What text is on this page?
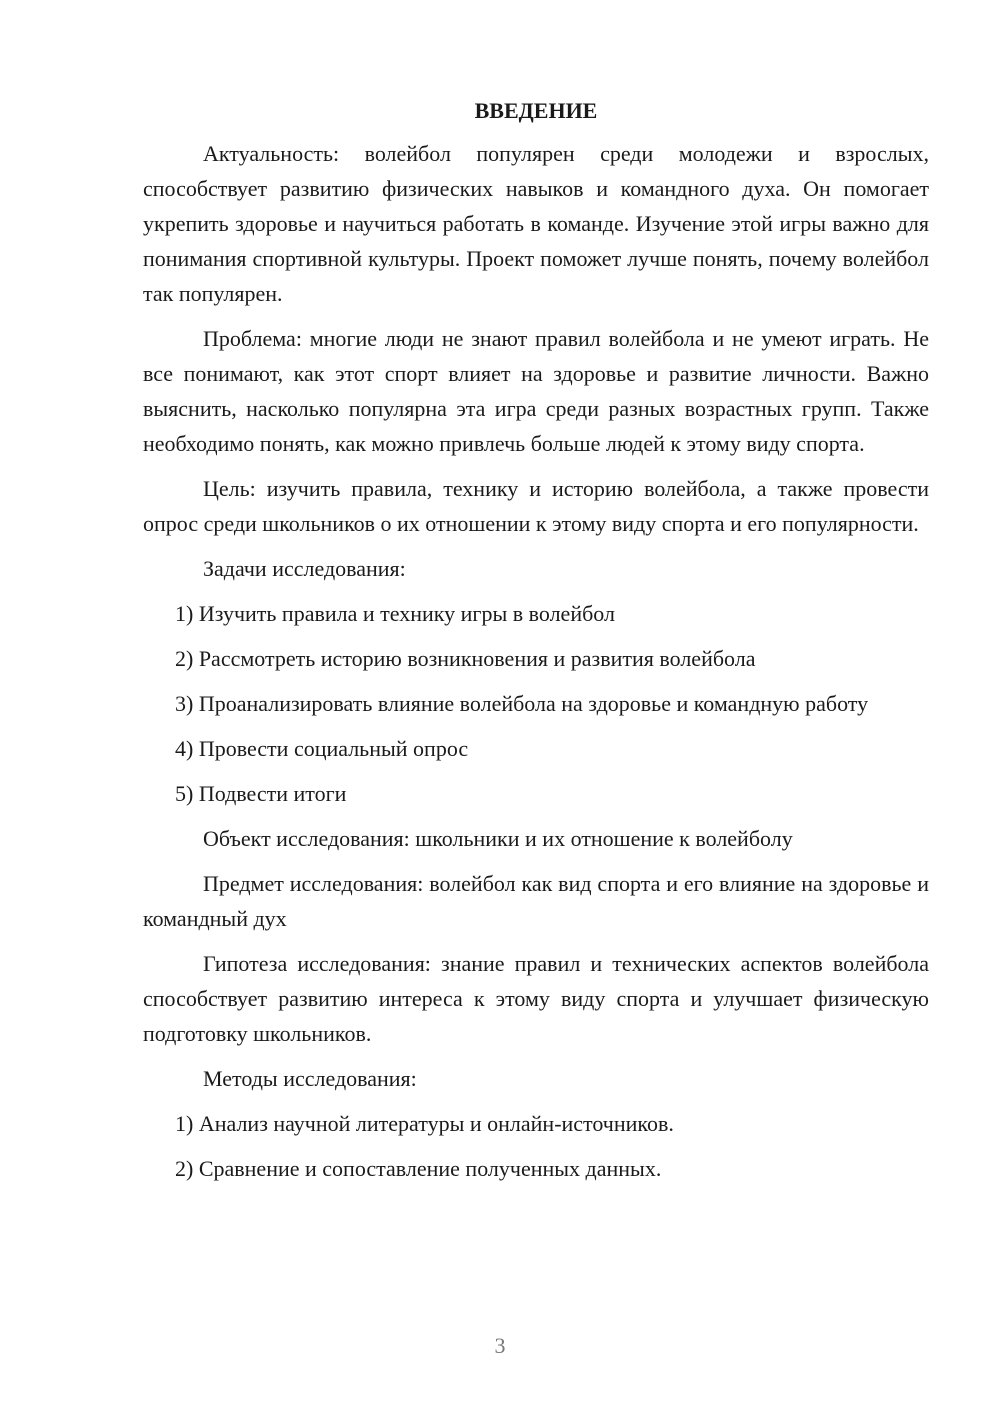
ВВЕДЕНИЕ

Актуальность: волейбол популярен среди молодежи и взрослых, способствует развитию физических навыков и командного духа. Он помогает укрепить здоровье и научиться работать в команде. Изучение этой игры важно для понимания спортивной культуры. Проект поможет лучше понять, почему волейбол так популярен.

Проблема: многие люди не знают правил волейбола и не умеют играть. Не все понимают, как этот спорт влияет на здоровье и развитие личности. Важно выяснить, насколько популярна эта игра среди разных возрастных групп. Также необходимо понять, как можно привлечь больше людей к этому виду спорта.

Цель: изучить правила, технику и историю волейбола, а также провести опрос среди школьников о их отношении к этому виду спорта и его популярности.

Задачи исследования:

1) Изучить правила и технику игры в волейбол

2) Рассмотреть историю возникновения и развития волейбола

3) Проанализировать влияние волейбола на здоровье и командную работу

4) Провести социальный опрос

5) Подвести итоги

Объект исследования: школьники и их отношение к волейболу

Предмет исследования: волейбол как вид спорта и его влияние на здоровье и командный дух

Гипотеза исследования: знание правил и технических аспектов волейбола способствует развитию интереса к этому виду спорта и улучшает физическую подготовку школьников.

Методы исследования:

1) Анализ научной литературы и онлайн-источников.

2) Сравнение и сопоставление полученных данных.

3
